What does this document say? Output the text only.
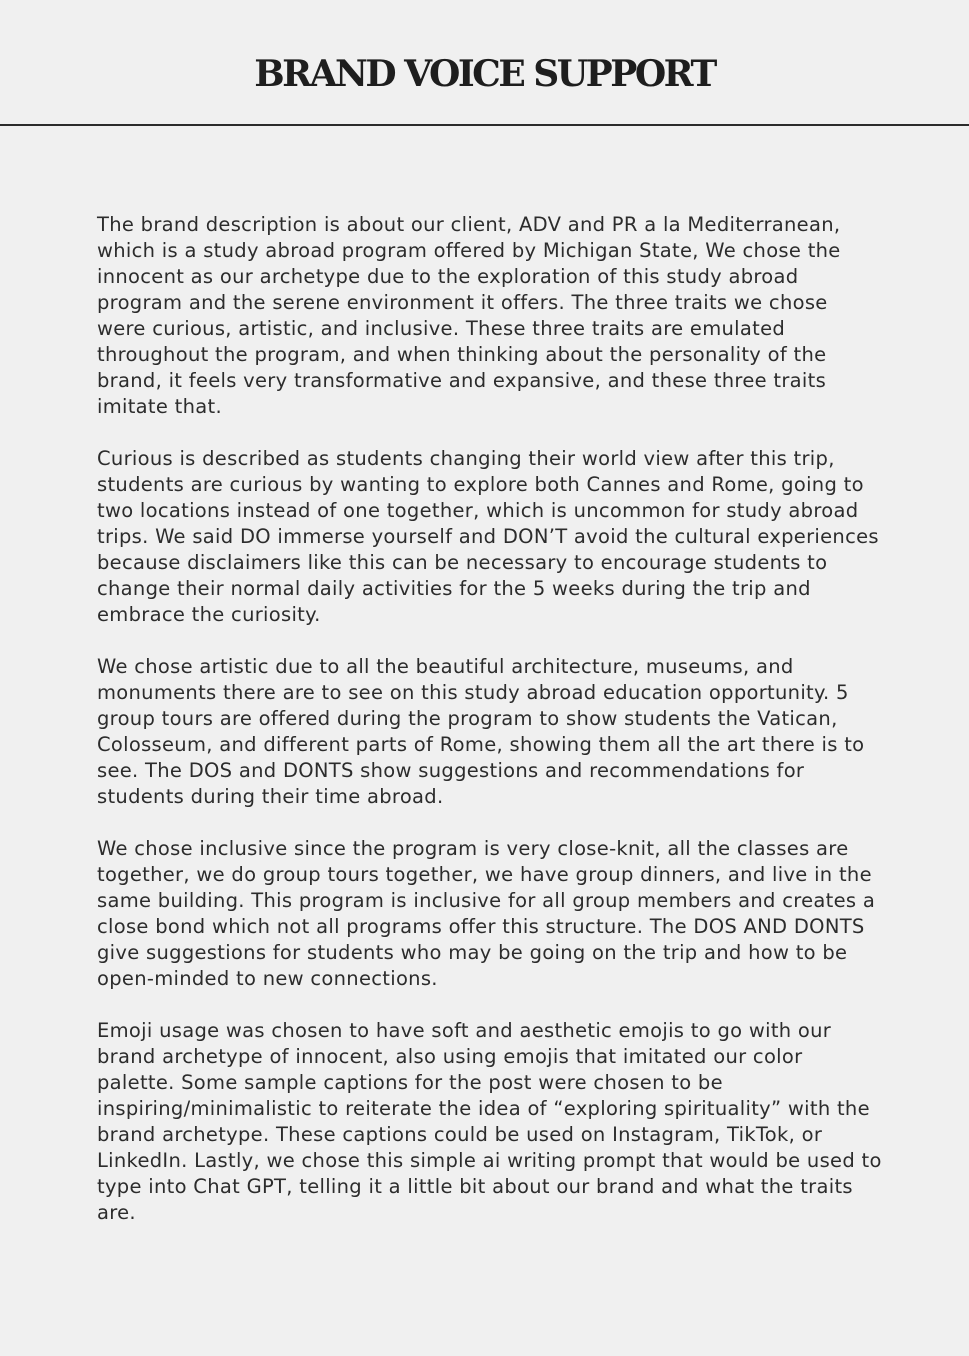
BRAND VOICE SUPPORT

The brand description is about our client, ADV and PR a la Mediterranean, which is a study abroad program offered by Michigan State, We chose the innocent as our archetype due to the exploration of this study abroad program and the serene environment it offers. The three traits we chose were curious, artistic, and inclusive. These three traits are emulated throughout the program, and when thinking about the personality of the brand, it feels very transformative and expansive, and these three traits imitate that.

Curious is described as students changing their world view after this trip, students are curious by wanting to explore both Cannes and Rome, going to two locations instead of one together, which is uncommon for study abroad trips. We said DO immerse yourself and DON’T avoid the cultural experiences because disclaimers like this can be necessary to encourage students to change their normal daily activities for the 5 weeks during the trip and embrace the curiosity.

We chose artistic due to all the beautiful architecture, museums, and monuments there are to see on this study abroad education opportunity. 5 group tours are offered during the program to show students the Vatican, Colosseum, and different parts of Rome, showing them all the art there is to see. The DOS and DONTS show suggestions and recommendations for students during their time abroad.

We chose inclusive since the program is very close-knit, all the classes are together, we do group tours together, we have group dinners, and live in the same building. This program is inclusive for all group members and creates a close bond which not all programs offer this structure. The DOS AND DONTS give suggestions for students who may be going on the trip and how to be open-minded to new connections.

Emoji usage was chosen to have soft and aesthetic emojis to go with our brand archetype of innocent, also using emojis that imitated our color palette. Some sample captions for the post were chosen to be inspiring/minimalistic to reiterate the idea of “exploring spirituality” with the brand archetype. These captions could be used on Instagram, TikTok, or LinkedIn. Lastly, we chose this simple ai writing prompt that would be used to type into Chat GPT, telling it a little bit about our brand and what the traits are.
